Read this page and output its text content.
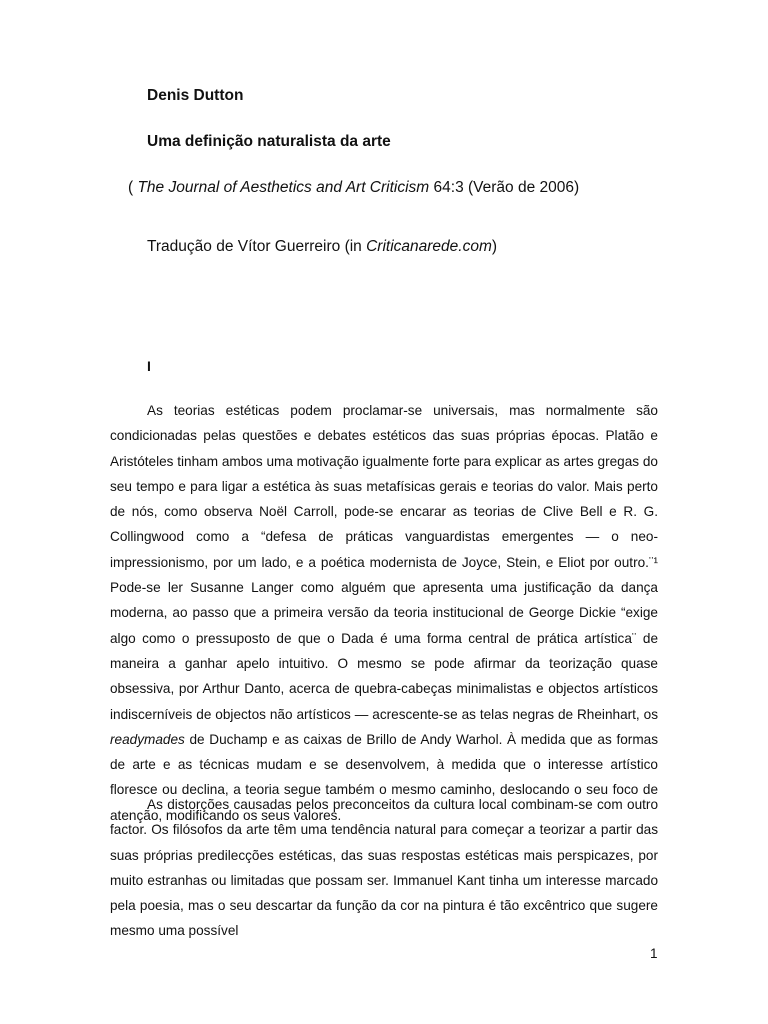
Denis Dutton

Uma definição naturalista da arte

( The Journal of Aesthetics and Art Criticism 64:3 (Verão de 2006)

Tradução de Vítor Guerreiro (in Criticanarede.com)

I

As teorias estéticas podem proclamar-se universais, mas normalmente são condicionadas pelas questões e debates estéticos das suas próprias épocas. Platão e Aristóteles tinham ambos uma motivação igualmente forte para explicar as artes gregas do seu tempo e para ligar a estética às suas metafísicas gerais e teorias do valor. Mais perto de nós, como observa Noël Carroll, pode-se encarar as teorias de Clive Bell e R. G. Collingwood como a “defesa de práticas vanguardistas emergentes — o neo-impressionismo, por um lado, e a poética modernista de Joyce, Stein, e Eliot por outro.¨¹ Pode-se ler Susanne Langer como alguém que apresenta uma justificação da dança moderna, ao passo que a primeira versão da teoria institucional de George Dickie “exige algo como o pressuposto de que o Dada é uma forma central de prática artística¨ de maneira a ganhar apelo intuitivo. O mesmo se pode afirmar da teorização quase obsessiva, por Arthur Danto, acerca de quebra-cabeças minimalistas e objectos artísticos indiscerníveis de objectos não artísticos — acrescente-se as telas negras de Rheinhart, os readymades de Duchamp e as caixas de Brillo de Andy Warhol. À medida que as formas de arte e as técnicas mudam e se desenvolvem, à medida que o interesse artístico floresce ou declina, a teoria segue também o mesmo caminho, deslocando o seu foco de atenção, modificando os seus valores.

As distorções causadas pelos preconceitos da cultura local combinam-se com outro factor. Os filósofos da arte têm uma tendência natural para começar a teorizar a partir das suas próprias predilecções estéticas, das suas respostas estéticas mais perspicazes, por muito estranhas ou limitadas que possam ser. Immanuel Kant tinha um interesse marcado pela poesia, mas o seu descartar da função da cor na pintura é tão excêntrico que sugere mesmo uma possível

1
